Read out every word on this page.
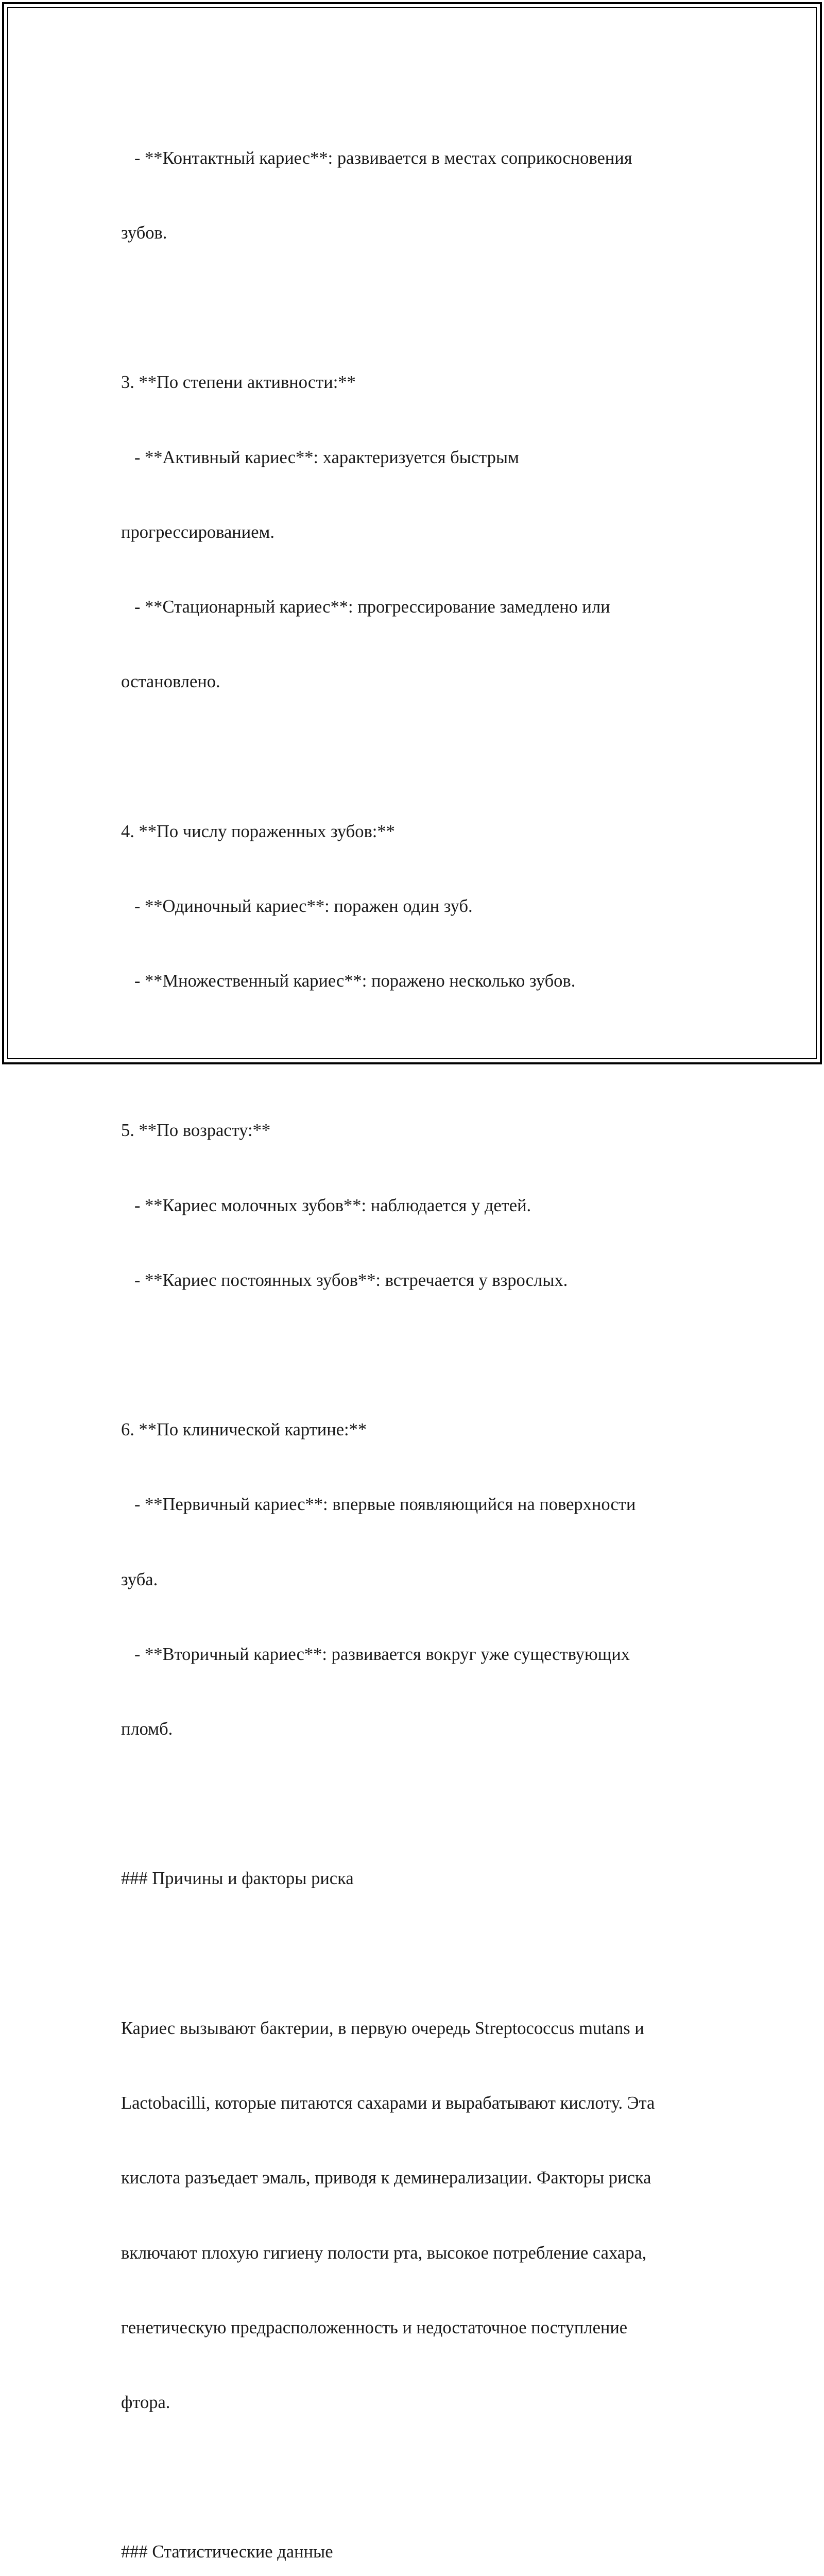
- **Контактный кариес**: развивается в местах соприкосновения

зубов.

3. **По степени активности:**

- **Активный кариес**: характеризуется быстрым

прогрессированием.

- **Стационарный кариес**: прогрессирование замедлено или

остановлено.

4. **По числу пораженных зубов:**

- **Одиночный кариес**: поражен один зуб.

- **Множественный кариес**: поражено несколько зубов.

5. **По возрасту:**

- **Кариес молочных зубов**: наблюдается у детей.

- **Кариес постоянных зубов**: встречается у взрослых.

6. **По клинической картине:**

- **Первичный кариес**: впервые появляющийся на поверхности

зуба.

- **Вторичный кариес**: развивается вокруг уже существующих

пломб.

### Причины и факторы риска

Кариес вызывают бактерии, в первую очередь Streptococcus mutans и

Lactobacilli, которые питаются сахарами и вырабатывают кислоту. Эта

кислота разъедает эмаль, приводя к деминерализации. Факторы риска

включают плохую гигиену полости рта, высокое потребление сахара,

генетическую предрасположенность и недостаточное поступление

фтора.

### Статистические данные
